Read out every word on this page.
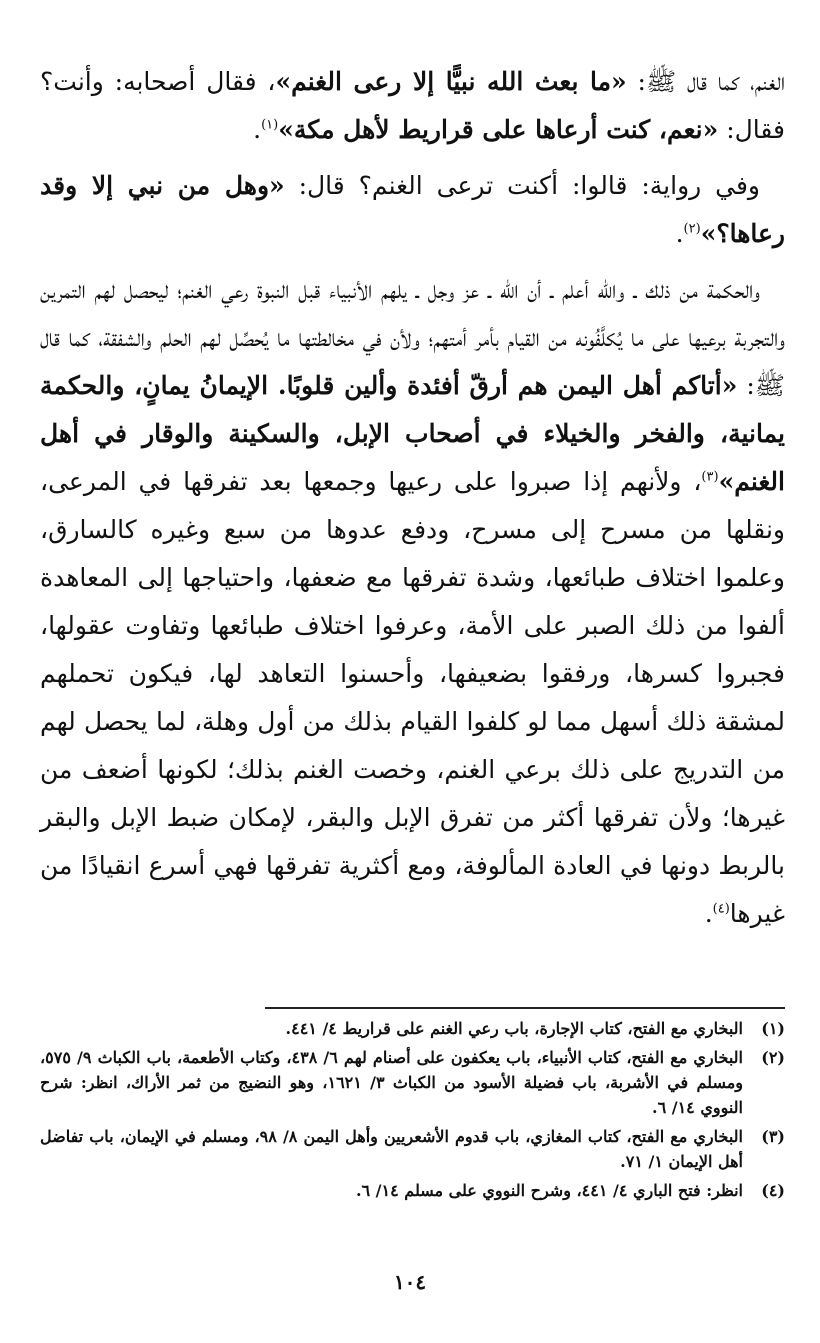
الغنم، كما قال ﷺ: «ما بعث الله نبيًّا إلا رعى الغنم»، فقال أصحابه: وأنت؟ فقال: «نعم، كنت أرعاها على قراريط لأهل مكة»$^{(١)}$.

 وفي رواية: قالوا: أكنت ترعى الغنم؟ قال: «وهل من نبي إلا وقد رعاها؟»$^{(٢)}$.

 والحكمة من ذلك ـ والله أعلم ـ أن الله ـ عز وجل ـ يلهم الأنبياء قبل النبوة رعي الغنم؛ ليحصل لهم التمرين والتجربة برعيها على ما يُكلَّفُونه من القيام بأمر أمتهم؛ ولأن في مخالطتها ما يُحصِّل لهم الحلم والشفقة، كما قال ﷺ: «أتاكم أهل اليمن هم أرقّ أفئدة وألين قلوبًا. الإيمانُ يمانٍ، والحكمة يمانية، والفخر والخيلاء في أصحاب الإبل، والسكينة والوقار في أهل الغنم»$^{(٣)}$، ولأنهم إذا صبروا على رعيها وجمعها بعد تفرقها في المرعى، ونقلها من مسرح إلى مسرح، ودفع عدوها من سبع وغيره كالسارق، وعلموا اختلاف طبائعها، وشدة تفرقها مع ضعفها، واحتياجها إلى المعاهدة ألفوا من ذلك الصبر على الأمة، وعرفوا اختلاف طبائعها وتفاوت عقولها، فجبروا كسرها، ورفقوا بضعيفها، وأحسنوا التعاهد لها، فيكون تحملهم لمشقة ذلك أسهل مما لو كلفوا القيام بذلك من أول وهلة، لما يحصل لهم من التدريج على ذلك برعي الغنم، وخصت الغنم بذلك؛ لكونها أضعف من غيرها؛ ولأن تفرقها أكثر من تفرق الإبل والبقر، لإمكان ضبط الإبل والبقر بالربط دونها في العادة المألوفة، ومع أكثرية تفرقها فهي أسرع انقيادًا من غيرها$^{(٤)}$.

(١)
البخاري مع الفتح، كتاب الإجارة، باب رعي الغنم على قراريط ٤/ ٤٤١.
(٢)
البخاري مع الفتح، كتاب الأنبياء، باب يعكفون على أصنام لهم ٦/ ٤٣٨، وكتاب الأطعمة، باب الكباث ٩/ ٥٧٥، ومسلم في الأشربة، باب فضيلة الأسود من الكباث ٣/ ١٦٢١، وهو النضيج من ثمر الأراك، انظر: شرح النووي ١٤/ ٦.
(٣)
البخاري مع الفتح، كتاب المغازي، باب قدوم الأشعريين وأهل اليمن ٨/ ٩٨، ومسلم في الإيمان، باب تفاضل أهل الإيمان ١/ ٧١.
(٤)
انظر: فتح الباري ٤/ ٤٤١، وشرح النووي على مسلم ١٤/ ٦.
١٠٤
